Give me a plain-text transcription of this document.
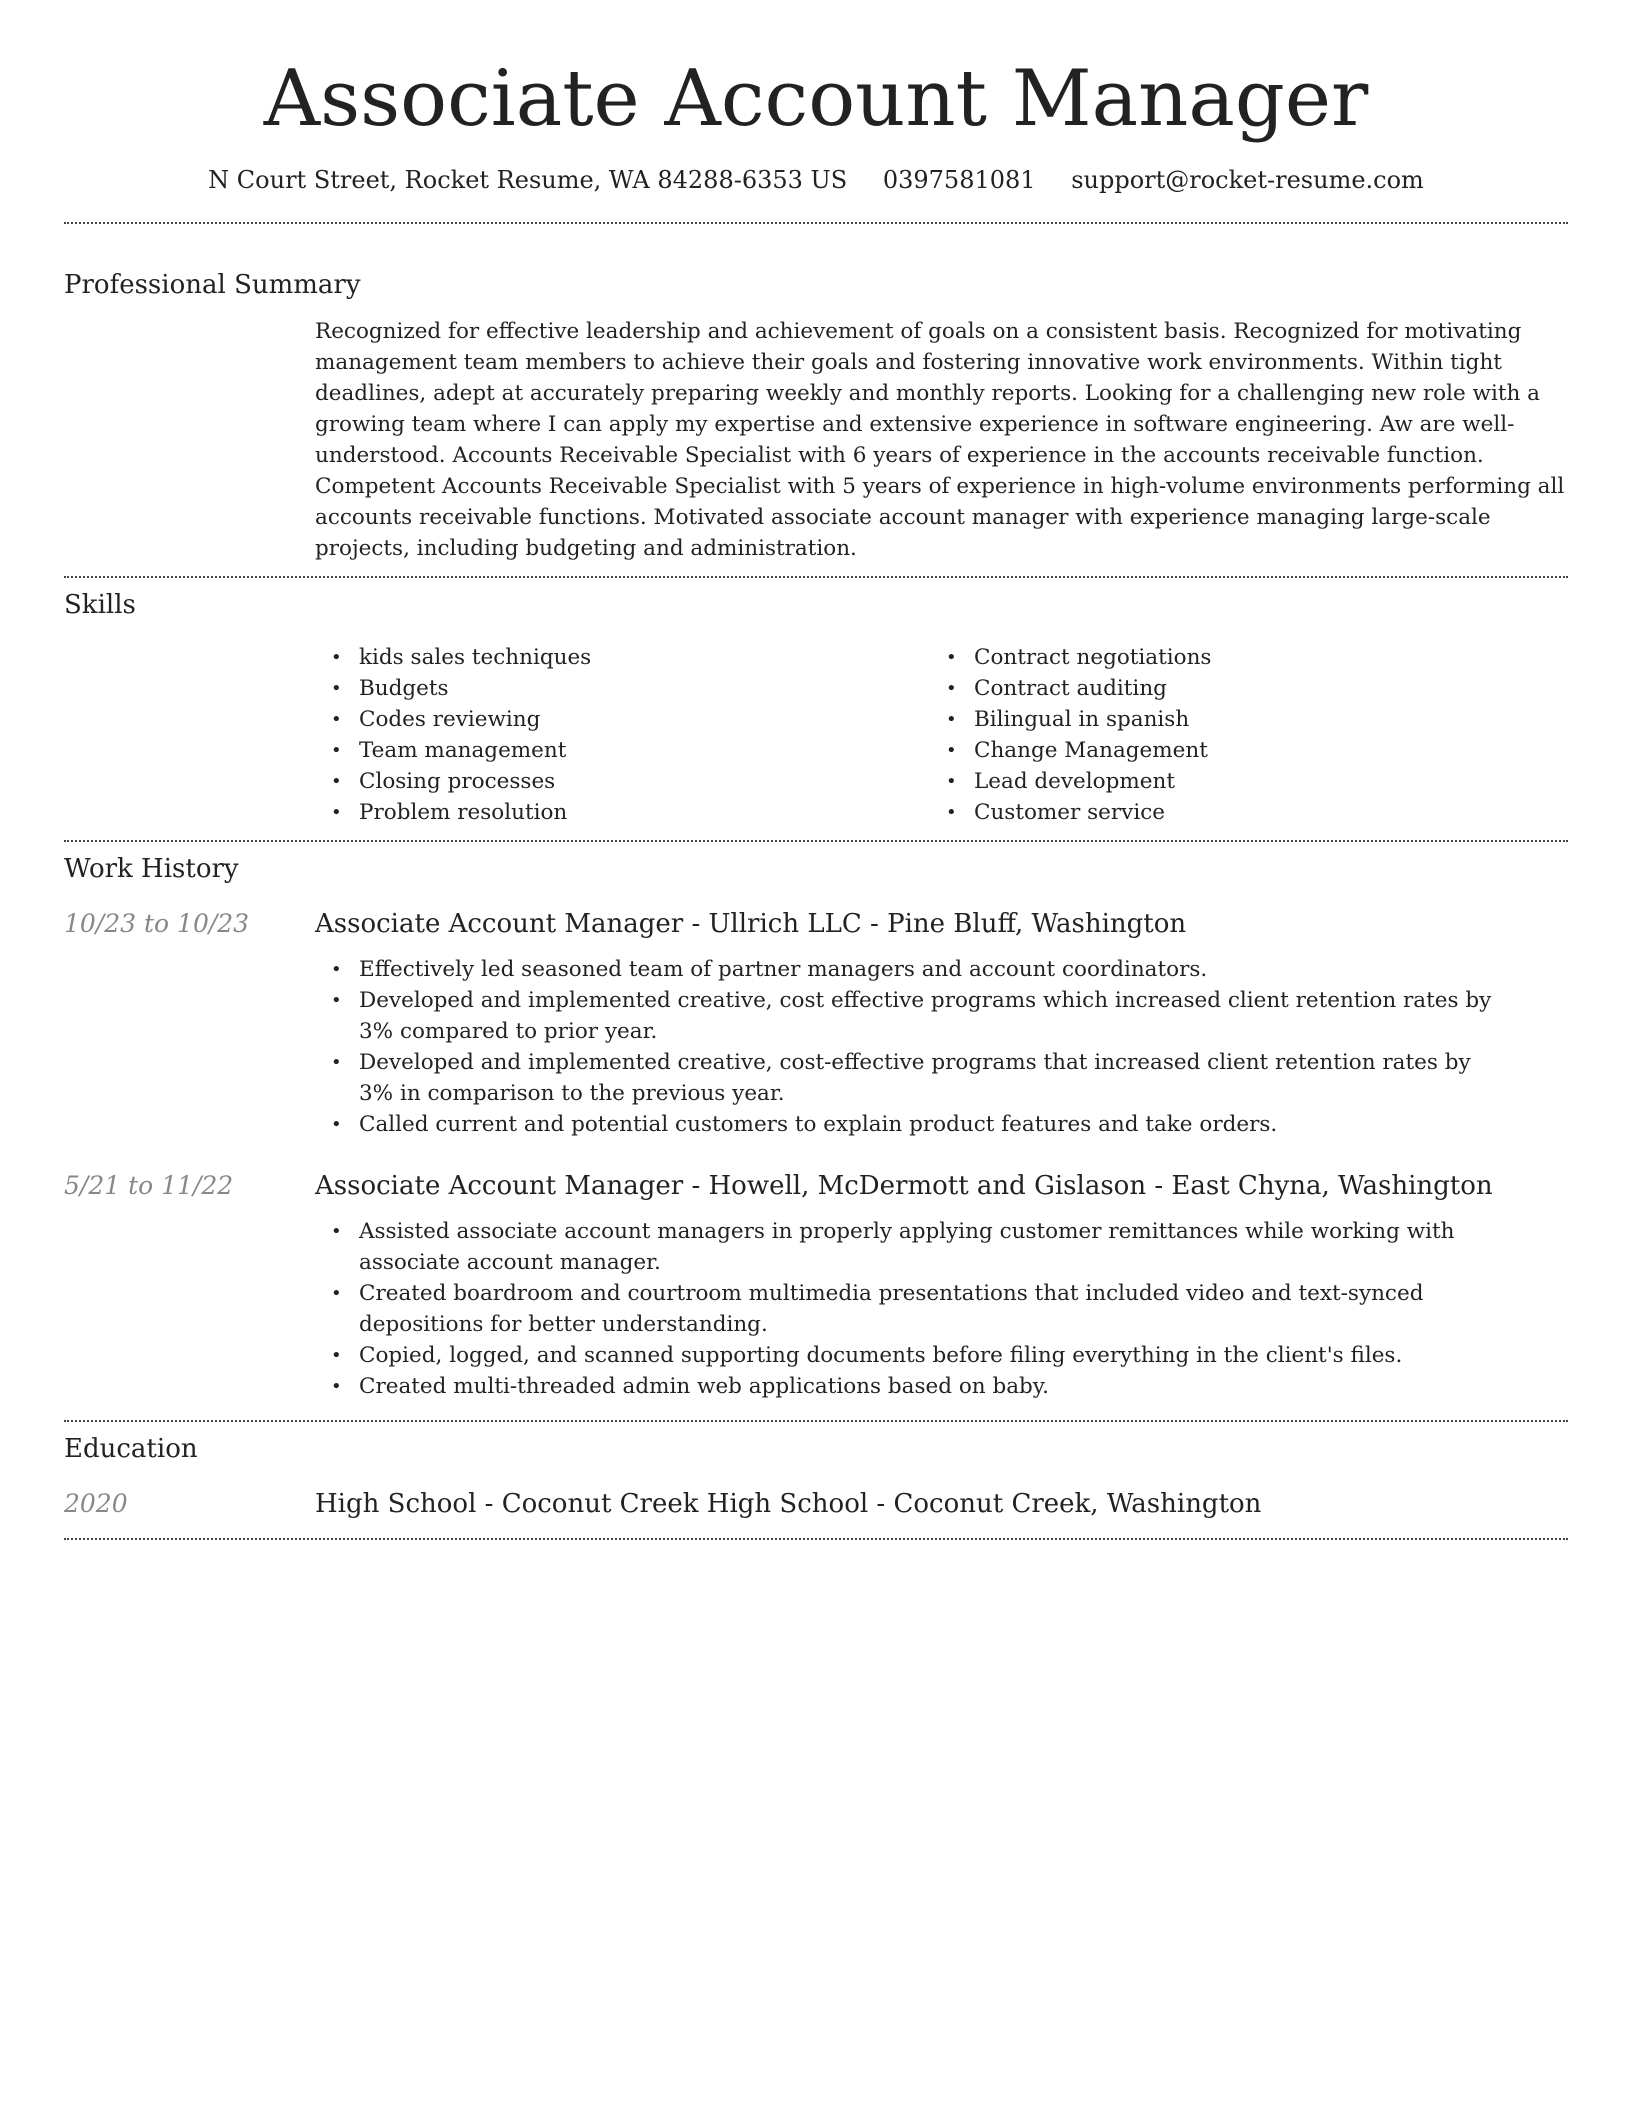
Associate Account Manager
N Court Street, Rocket Resume, WA 84288-6353 US 0397581081 support@rocket-resume.com
Professional Summary

Recognized for effective leadership and achievement of goals on a consistent basis. Recognized for motivating management team members to achieve their goals and fostering innovative work environments. Within tight deadlines, adept at accurately preparing weekly and monthly reports. Looking for a challenging new role with a growing team where I can apply my expertise and extensive experience in software engineering. Aw are well-understood. Accounts Receivable Specialist with 6 years of experience in the accounts receivable function. Competent Accounts Receivable Specialist with 5 years of experience in high-volume environments performing all accounts receivable functions. Motivated associate account manager with experience managing large-scale projects, including budgeting and administration.

Skills
• kids sales techniques
• Budgets
• Codes reviewing
• Team management
• Closing processes
• Problem resolution
• Contract negotiations
• Contract auditing
• Bilingual in spanish
• Change Management
• Lead development
• Customer service
Work History
10/23 to 10/23	Associate Account Manager - Ullrich LLC - Pine Bluff, Washington
• Effectively led seasoned team of partner managers and account coordinators.
• Developed and implemented creative, cost effective programs which increased client retention rates by 3% compared to prior year.
• Developed and implemented creative, cost-effective programs that increased client retention rates by 3% in comparison to the previous year.
• Called current and potential customers to explain product features and take orders.
5/21 to 11/22	Associate Account Manager - Howell, McDermott and Gislason - East Chyna, Washington
• Assisted associate account managers in properly applying customer remittances while working with associate account manager.
• Created boardroom and courtroom multimedia presentations that included video and text-synced depositions for better understanding.
• Copied, logged, and scanned supporting documents before filing everything in the client's files.
• Created multi-threaded admin web applications based on baby.
Education
2020	High School - Coconut Creek High School - Coconut Creek, Washington
